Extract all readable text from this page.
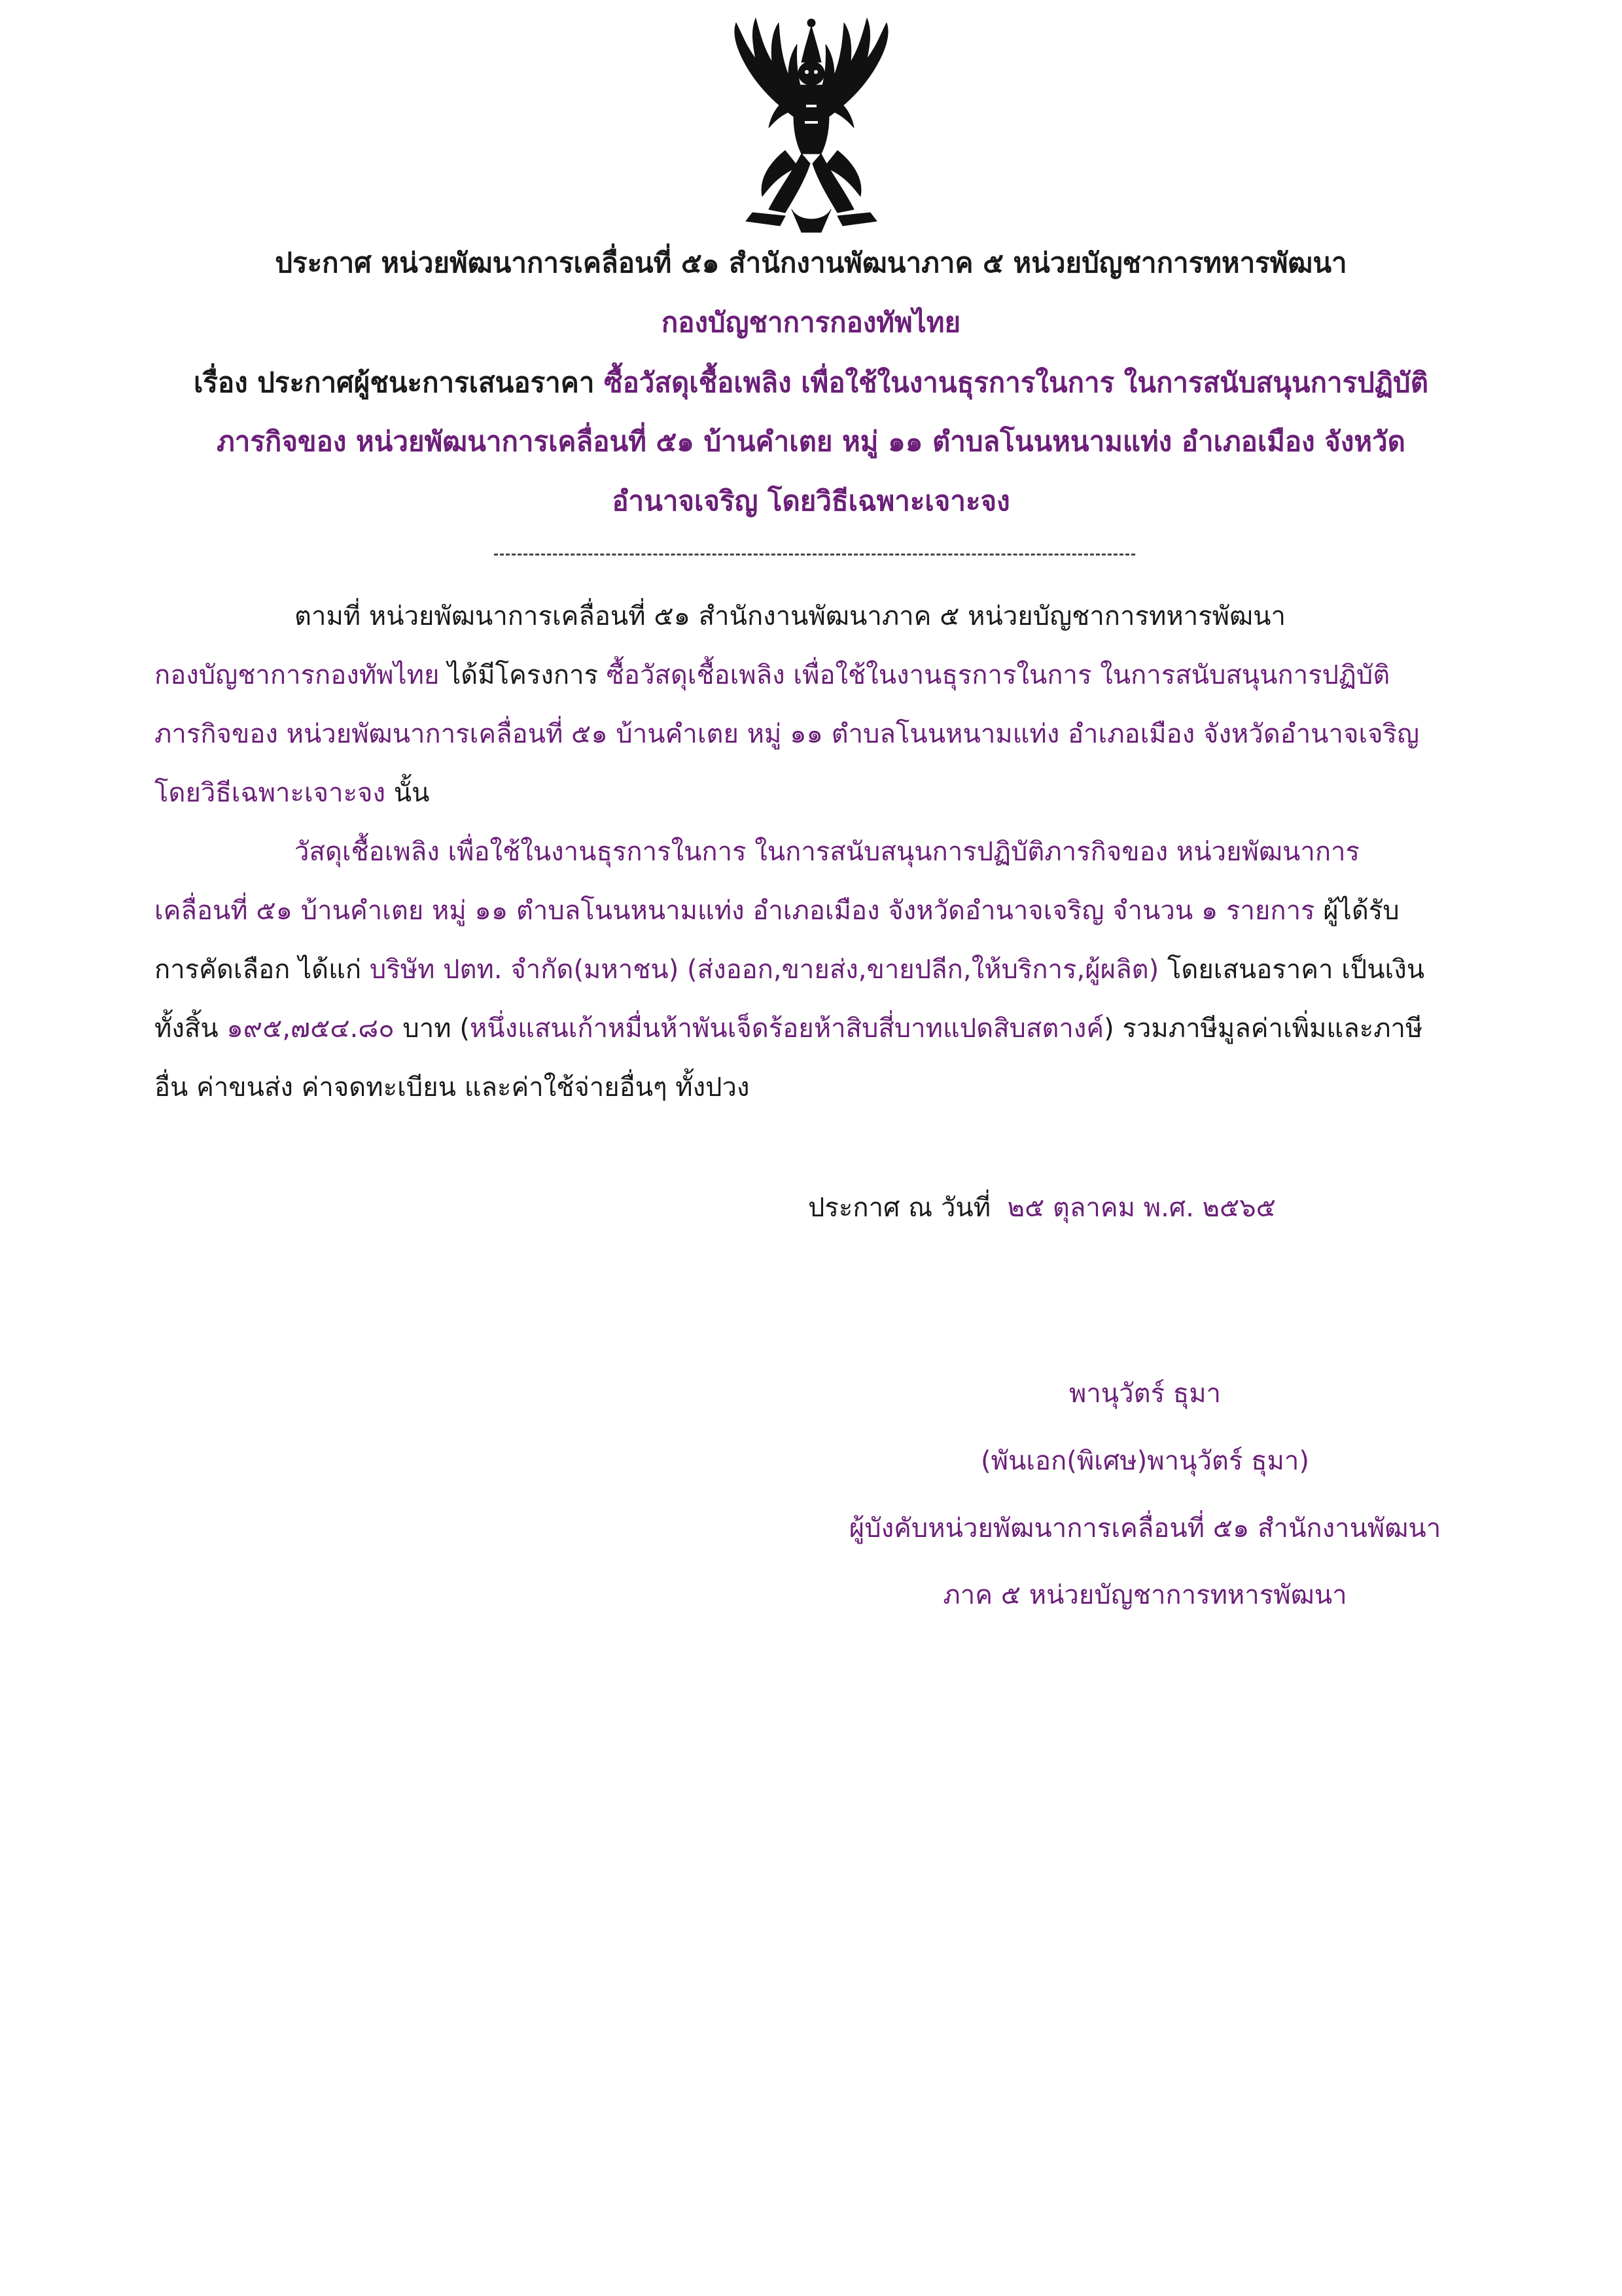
ประกาศ หน่วยพัฒนาการเคลื่อนที่ ๕๑ สำนักงานพัฒนาภาค ๕ หน่วยบัญชาการทหารพัฒนา
กองบัญชาการกองทัพไทย
เรื่อง ประกาศผู้ชนะการเสนอราคา ซื้อวัสดุเชื้อเพลิง เพื่อใช้ในงานธุรการในการ ในการสนับสนุนการปฏิบัติ
ภารกิจของ หน่วยพัฒนาการเคลื่อนที่ ๕๑ บ้านคำเตย หมู่ ๑๑ ตำบลโนนหนามแท่ง อำเภอเมือง จังหวัด
อำนาจเจริญ โดยวิธีเฉพาะเจาะจง
ตามที่ หน่วยพัฒนาการเคลื่อนที่ ๕๑ สำนักงานพัฒนาภาค ๕ หน่วยบัญชาการทหารพัฒนา
กองบัญชาการกองทัพไทย ได้มีโครงการ ซื้อวัสดุเชื้อเพลิง เพื่อใช้ในงานธุรการในการ ในการสนับสนุนการปฏิบัติ
ภารกิจของ หน่วยพัฒนาการเคลื่อนที่ ๕๑ บ้านคำเตย หมู่ ๑๑ ตำบลโนนหนามแท่ง อำเภอเมือง จังหวัดอำนาจเจริญ
โดยวิธีเฉพาะเจาะจง นั้น
วัสดุเชื้อเพลิง เพื่อใช้ในงานธุรการในการ ในการสนับสนุนการปฏิบัติภารกิจของ หน่วยพัฒนาการ
เคลื่อนที่ ๕๑ บ้านคำเตย หมู่ ๑๑ ตำบลโนนหนามแท่ง อำเภอเมือง จังหวัดอำนาจเจริญ จำนวน ๑ รายการ ผู้ได้รับ
การคัดเลือก ได้แก่ บริษัท ปตท. จำกัด(มหาชน) (ส่งออก,ขายส่ง,ขายปลีก,ให้บริการ,ผู้ผลิต) โดยเสนอราคา เป็นเงิน
ทั้งสิ้น ๑๙๕,๗๕๔.๘๐ บาท (หนึ่งแสนเก้าหมื่นห้าพันเจ็ดร้อยห้าสิบสี่บาทแปดสิบสตางค์) รวมภาษีมูลค่าเพิ่มและภาษี
อื่น ค่าขนส่ง ค่าจดทะเบียน และค่าใช้จ่ายอื่นๆ ทั้งปวง
ประกาศ ณ วันที่ ๒๕ ตุลาคม พ.ศ. ๒๕๖๕
พานุวัตร์ ธุมา
(พันเอก(พิเศษ)พานุวัตร์ ธุมา)
ผู้บังคับหน่วยพัฒนาการเคลื่อนที่ ๕๑ สำนักงานพัฒนา
ภาค ๕ หน่วยบัญชาการทหารพัฒนา
